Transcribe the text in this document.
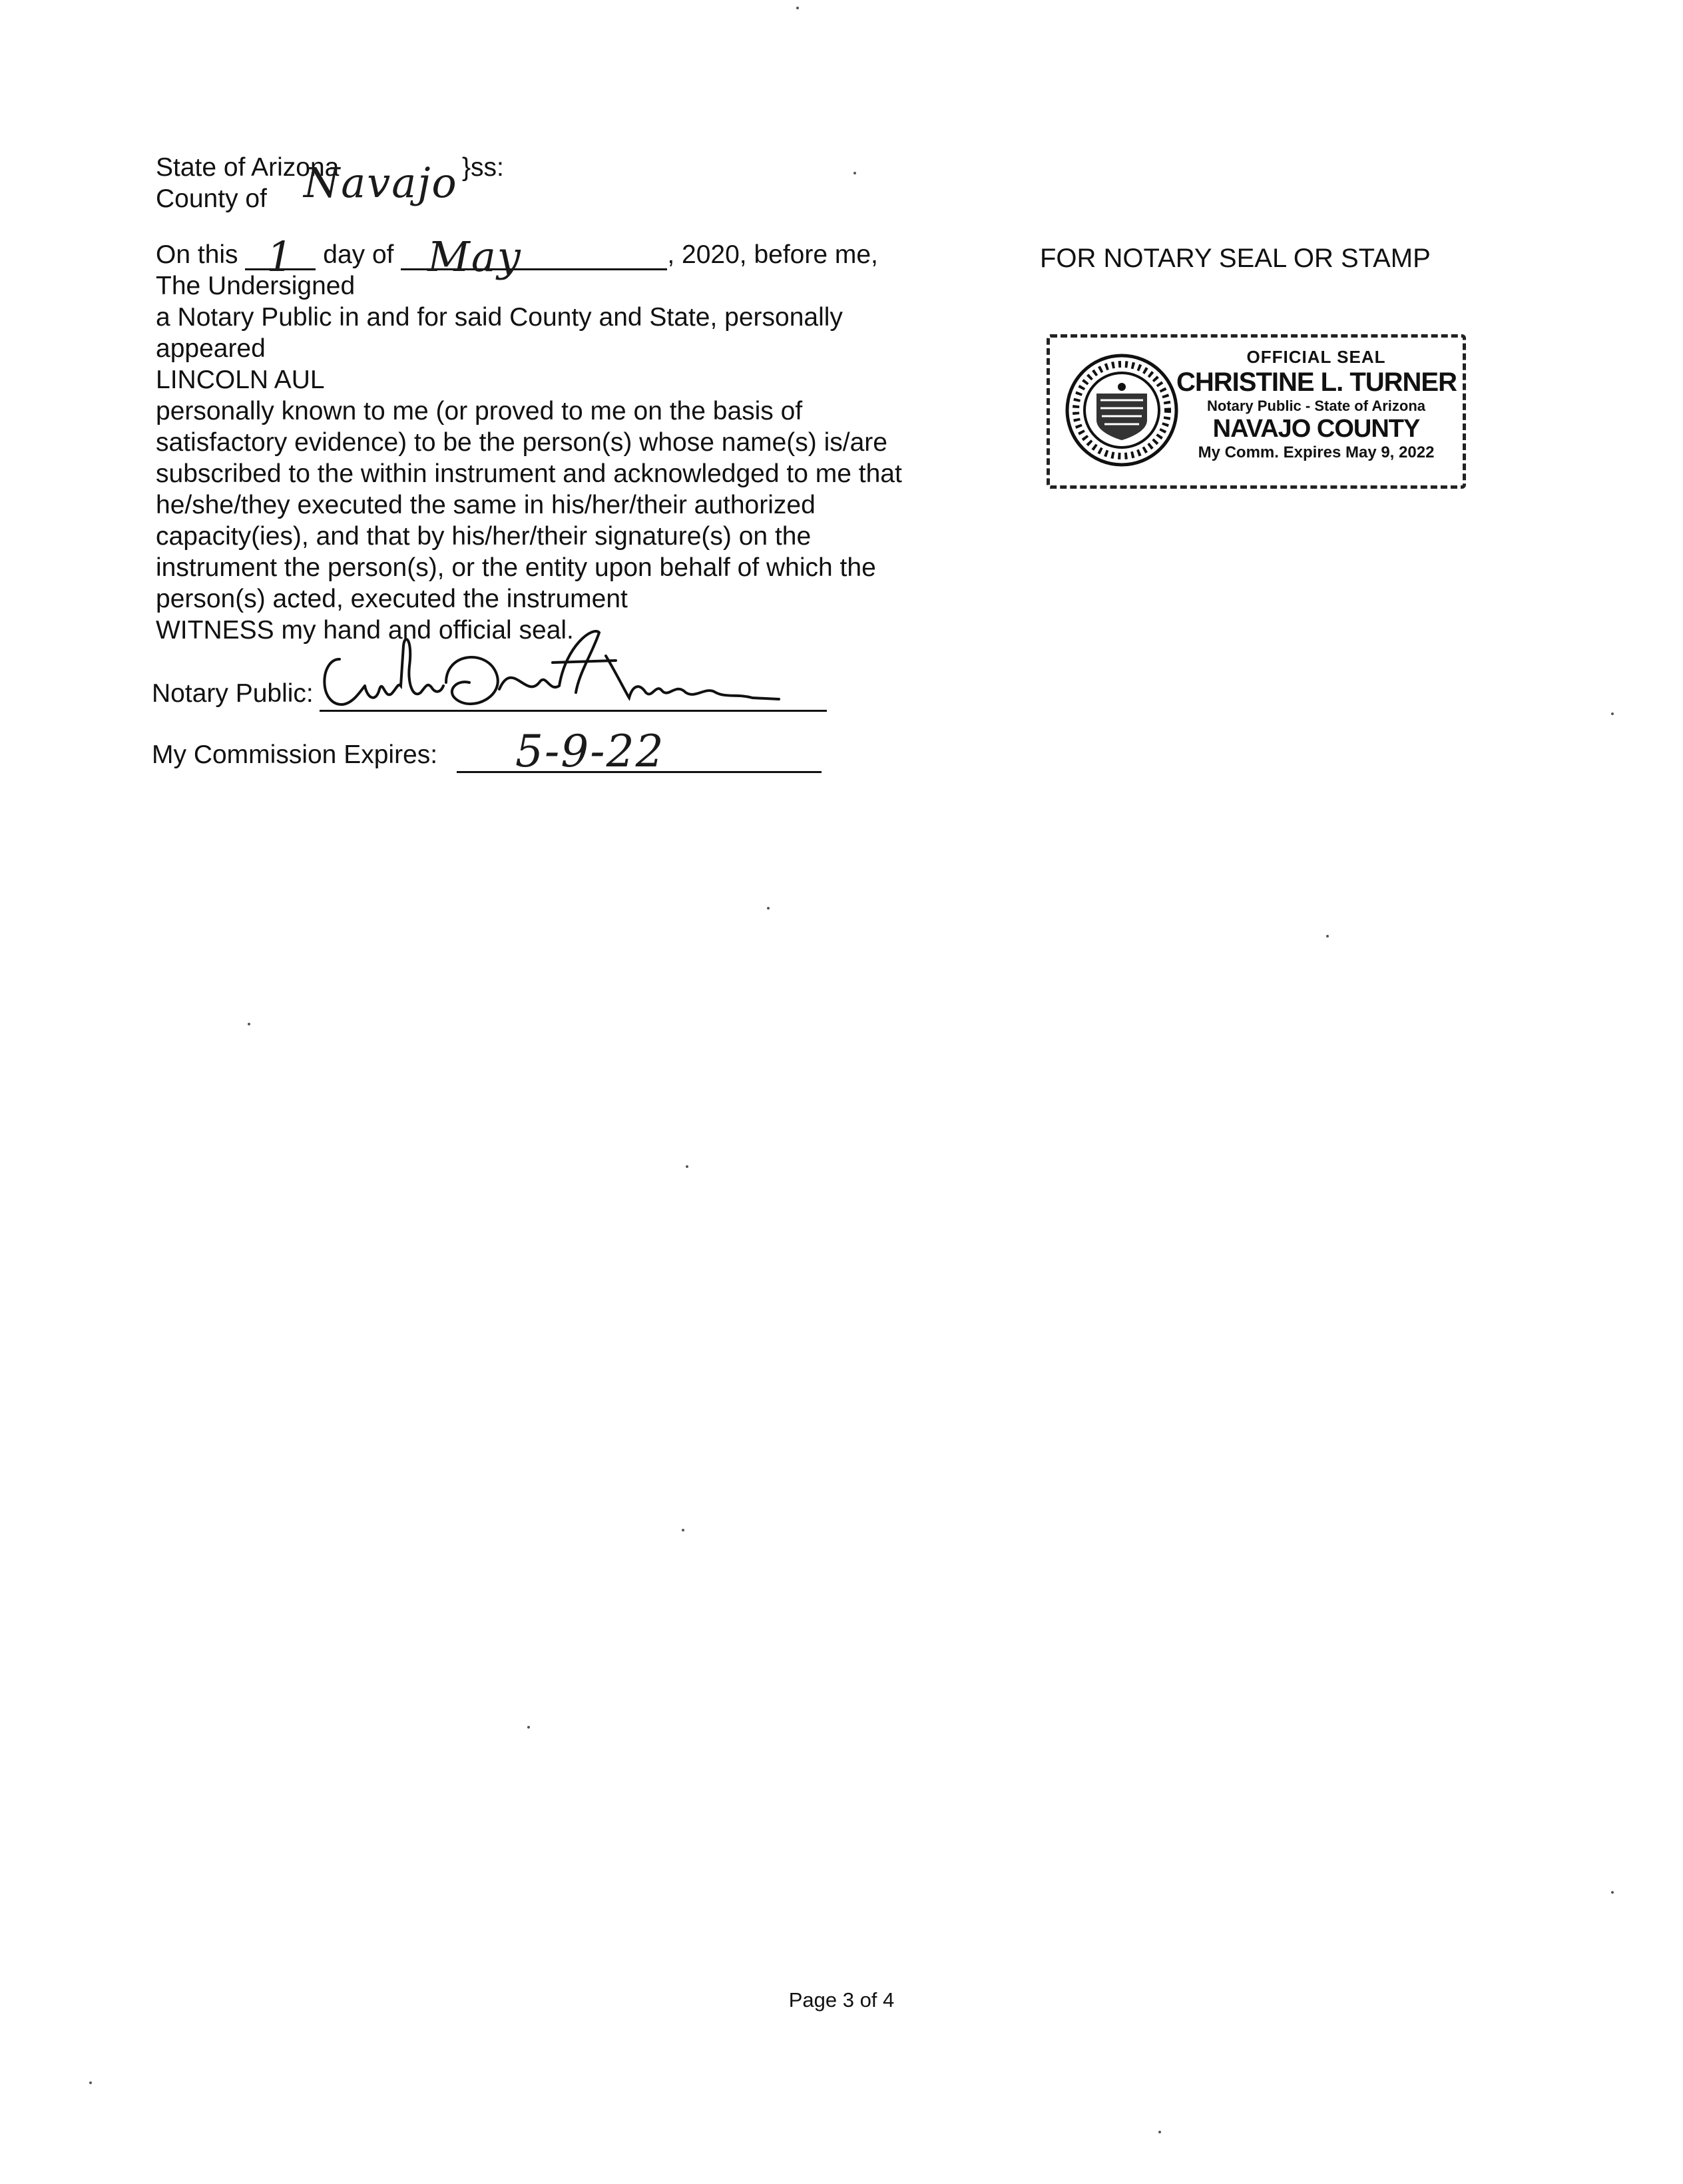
State of Arizona	}ss:
County of Navajo
On this 1	day of May	, 2020, before me,
The Undersigned
a Notary Public in and for said County and State, personally
appeared
LINCOLN AUL
personally known to me (or proved to me on the basis of
satisfactory evidence) to be the person(s) whose name(s) is/are
subscribed to the within instrument and acknowledged to me that
he/she/they executed the same in his/her/their authorized
capacity(ies), and that by his/her/their signature(s) on the
instrument the person(s), or the entity upon behalf of which the
person(s) acted, executed the instrument
WITNESS my hand and official seal.
Notary Public:
My Commission Expires: 5-9-22
FOR NOTARY SEAL OR STAMP
OFFICIAL SEAL
CHRISTINE L. TURNER
Notary Public - State of Arizona
NAVAJO COUNTY
My Comm. Expires May 9, 2022
Page 3 of 4
